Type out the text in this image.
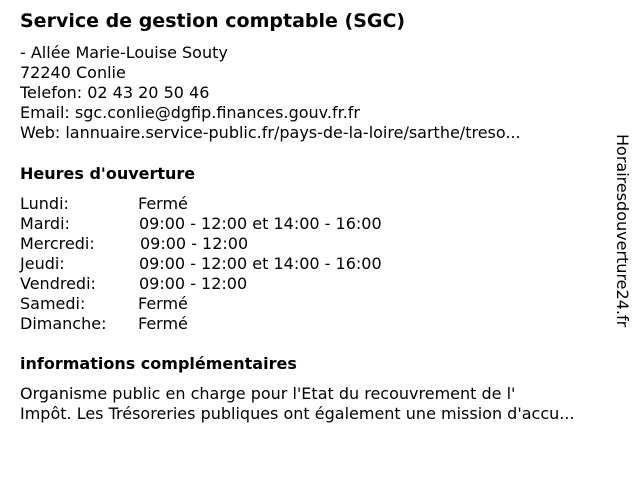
Service de gestion comptable (SGC)
- Allée Marie-Louise Souty
72240 Conlie
Telefon: 02 43 20 50 46
Email: sgc.conlie@dgfip.finances.gouv.fr.fr
Web: lannuaire.service-public.fr/pays-de-la-loire/sarthe/treso...
Heures d'ouverture
Lundi:	Fermé
Mardi:	09:00 - 12:00 et 14:00 - 16:00
Mercredi:	09:00 - 12:00
Jeudi:	09:00 - 12:00 et 14:00 - 16:00
Vendredi:	09:00 - 12:00
Samedi:	Fermé
Dimanche: Fermé
informations complémentaires
Organisme public en charge pour l'Etat du recouvrement de l'
Impôt. Les Trésoreries publiques ont également une mission d'accu...
Horairesdouverture24.fr
